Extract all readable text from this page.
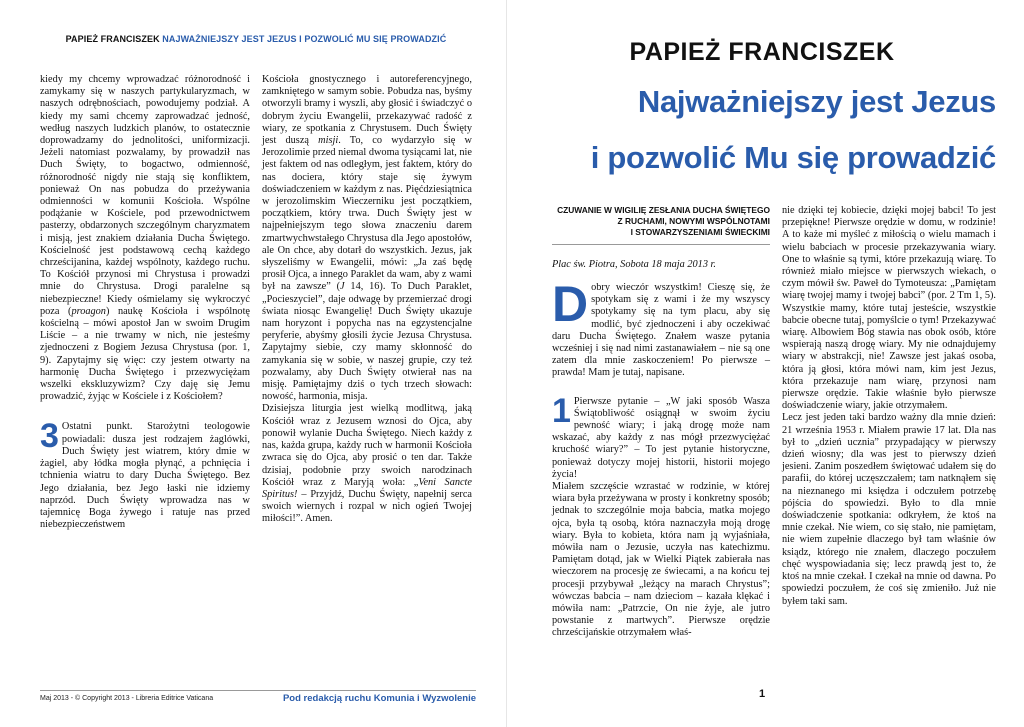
PAPIEŻ FRANCISZEK NAJWAŻNIEJSZY JEST JEZUS I POZWOLIĆ MU SIĘ PROWADZIĆ

kiedy my chcemy wprowadzać różnorodność i zamykamy się w naszych partykularyzmach, w naszych odrębnościach, powodujemy podział. A kiedy my sami chcemy zaprowadzać jedność, według naszych ludzkich planów, to ostatecznie doprowadzamy do jednolitości, uniformizacji. Jeżeli natomiast pozwalamy, by prowadził nas Duch Święty, to bogactwo, odmienność, różnorodność nigdy nie stają się konfliktem, ponieważ On nas pobudza do przeżywania odmienności w komunii Kościoła. Wspólne podążanie w Kościele, pod przewodnictwem pasterzy, obdarzonych szczególnym charyzmatem i misją, jest znakiem działania Ducha Świętego. Kościelność jest podstawową cechą każdego chrześcijanina, każdej wspólnoty, każdego ruchu. To Kościół przynosi mi Chrystusa i prowadzi mnie do Chrystusa. Drogi paralelne są niebezpieczne! Kiedy ośmielamy się wykroczyć poza (proagon) naukę Kościoła i wspólnotę kościelną – mówi apostoł Jan w swoim Drugim Liście – a nie trwamy w nich, nie jesteśmy zjednoczeni z Bogiem Jezusa Chrystusa (por. 1, 9). Zapytajmy się więc: czy jestem otwarty na harmonię Ducha Świętego i przezwyciężam wszelki ekskluzywizm? Czy daję się Jemu prowadzić, żyjąc w Kościele i z Kościołem?

3 Ostatni punkt. Starożytni teologowie powiadali: dusza jest rodzajem żaglówki, Duch Święty jest wiatrem, który dmie w żagiel, aby łódka mogła płynąć, a pchnięcia i tchnienia wiatru to dary Ducha Świętego. Bez Jego działania, bez Jego łaski nie idziemy naprzód. Duch Święty wprowadza nas w tajemnicę Boga żywego i ratuje nas przed niebezpieczeństwem

Kościoła gnostycznego i autoreferencyjnego, zamkniętego w samym sobie. Pobudza nas, byśmy otworzyli bramy i wyszli, aby głosić i świadczyć o dobrym życiu Ewangelii, przekazywać radość z wiary, ze spotkania z Chrystusem. Duch Święty jest duszą misji. To, co wydarzyło się w Jerozolimie przed niemal dwoma tysiącami lat, nie jest faktem od nas odległym, jest faktem, który do nas dociera, który staje się żywym doświadczeniem w każdym z nas. Pięćdziesiątnica w jerozolimskim Wieczerniku jest początkiem, początkiem, który trwa. Duch Święty jest w najpełniejszym tego słowa znaczeniu darem zmartwychwstałego Chrystusa dla Jego apostołów, ale On chce, aby dotarł do wszystkich. Jezus, jak słyszeliśmy w Ewangelii, mówi: „Ja zaś będę prosił Ojca, a innego Paraklet da wam, aby z wami był na zawsze” (J 14, 16). To Duch Paraklet, „Pocieszyciel”, daje odwagę by przemierzać drogi świata niosąc Ewangelię! Duch Święty ukazuje nam horyzont i popycha nas na egzystencjalne peryferie, abyśmy głosili życie Jezusa Chrystusa. Zapytajmy siebie, czy mamy skłonność do zamykania się w sobie, w naszej grupie, czy też pozwalamy, aby Duch Święty otwierał nas na misję. Pamiętajmy dziś o tych trzech słowach: nowość, harmonia, misja.

Dzisiejsza liturgia jest wielką modlitwą, jaką Kościół wraz z Jezusem wznosi do Ojca, aby ponowił wylanie Ducha Świętego. Niech każdy z nas, każda grupa, każdy ruch w harmonii Kościoła zwraca się do Ojca, aby prosić o ten dar. Także dzisiaj, podobnie przy swoich narodzinach Kościół wraz z Maryją woła: „Veni Sancte Spiritus! – Przyjdź, Duchu Święty, napełnij serca swoich wiernych i rozpal w nich ogień Twojej miłości!”. Amen.

Maj 2013 - © Copyright 2013 - Libreria Editrice Vaticana	Pod redakcją ruchu Komunia i Wyzwolenie
PAPIEŻ FRANCISZEK
Najważniejszy jest Jezus
i pozwolić Mu się prowadzić
CZUWANIE W WIGILIĘ ZESŁANIA DUCHA ŚWIĘTEGO
Z RUCHAMI, NOWYMI WSPÓLNOTAMI
I STOWARZYSZENIAMI ŚWIECKIMI
Plac św. Piotra, Sobota 18 maja 2013 r.

Dobry wieczór wszystkim! Cieszę się, że spotykam się z wami i że my wszyscy spotykamy się na tym placu, aby się modlić, być zjednoczeni i aby oczekiwać daru Ducha Świętego. Znałem wasze pytania wcześniej i się nad nimi zastanawiałem – nie są one zatem dla mnie zaskoczeniem! Po pierwsze – prawda! Mam je tutaj, napisane.

1 Pierwsze pytanie – „W jaki sposób Wasza Świątobliwość osiągnął w swoim życiu pewność wiary; i jaką drogę może nam wskazać, aby każdy z nas mógł przezwyciężać kruchość wiary?” – To jest pytanie historyczne, ponieważ dotyczy mojej historii, historii mojego życia!

Miałem szczęście wzrastać w rodzinie, w której wiara była przeżywana w prosty i konkretny sposób; jednak to szczególnie moja babcia, matka mojego ojca, była tą osobą, która naznaczyła moją drogę wiary. Była to kobieta, która nam ją wyjaśniała, mówiła nam o Jezusie, uczyła nas katechizmu. Pamiętam dotąd, jak w Wielki Piątek zabierała nas wieczorem na procesję ze świecami, a na końcu tej procesji przybywał „leżący na marach Chrystus”; wówczas babcia – nam dzieciom – kazała klękać i mówiła nam: „Patrzcie, On nie żyje, ale jutro powstanie z martwych”. Pierwsze orędzie chrześcijańskie otrzymałem właś-

nie dzięki tej kobiecie, dzięki mojej babci! To jest przepiękne! Pierwsze orędzie w domu, w rodzinie! A to każe mi myśleć z miłością o wielu mamach i wielu babciach w procesie przekazywania wiary. One to właśnie są tymi, które przekazują wiarę. To również miało miejsce w pierwszych wiekach, o czym mówił św. Paweł do Tymoteusza: „Pamiętam wiarę twojej mamy i twojej babci” (por. 2 Tm 1, 5). Wszystkie mamy, które tutaj jesteście, wszystkie babcie obecne tutaj, pomyślcie o tym! Przekazywać wiarę. Albowiem Bóg stawia nas obok osób, które wspierają naszą drogę wiary. My nie odnajdujemy wiary w abstrakcji, nie! Zawsze jest jakaś osoba, która ją głosi, która mówi nam, kim jest Jezus, która przekazuje nam wiarę, przynosi nam pierwsze orędzie. Takie właśnie było pierwsze doświadczenie wiary, jakie otrzymałem.

Lecz jest jeden taki bardzo ważny dla mnie dzień: 21 września 1953 r. Miałem prawie 17 lat. Dla nas był to „dzień ucznia” przypadający w pierwszy dzień wiosny; dla was jest to pierwszy dzień jesieni. Zanim poszedłem świętować udałem się do parafii, do której uczęszczałem; tam natknąłem się na nieznanego mi księdza i odczułem potrzebę pójścia do spowiedzi. Było to dla mnie doświadczenie spotkania: odkryłem, że ktoś na mnie czekał. Nie wiem, co się stało, nie pamiętam, nie wiem zupełnie dlaczego był tam właśnie ów ksiądz, którego nie znałem, dlaczego poczułem chęć wyspowiadania się; lecz prawdą jest to, że ktoś na mnie czekał. I czekał na mnie od dawna. Po spowiedzi poczułem, że coś się zmieniło. Już nie byłem taki sam.

1
